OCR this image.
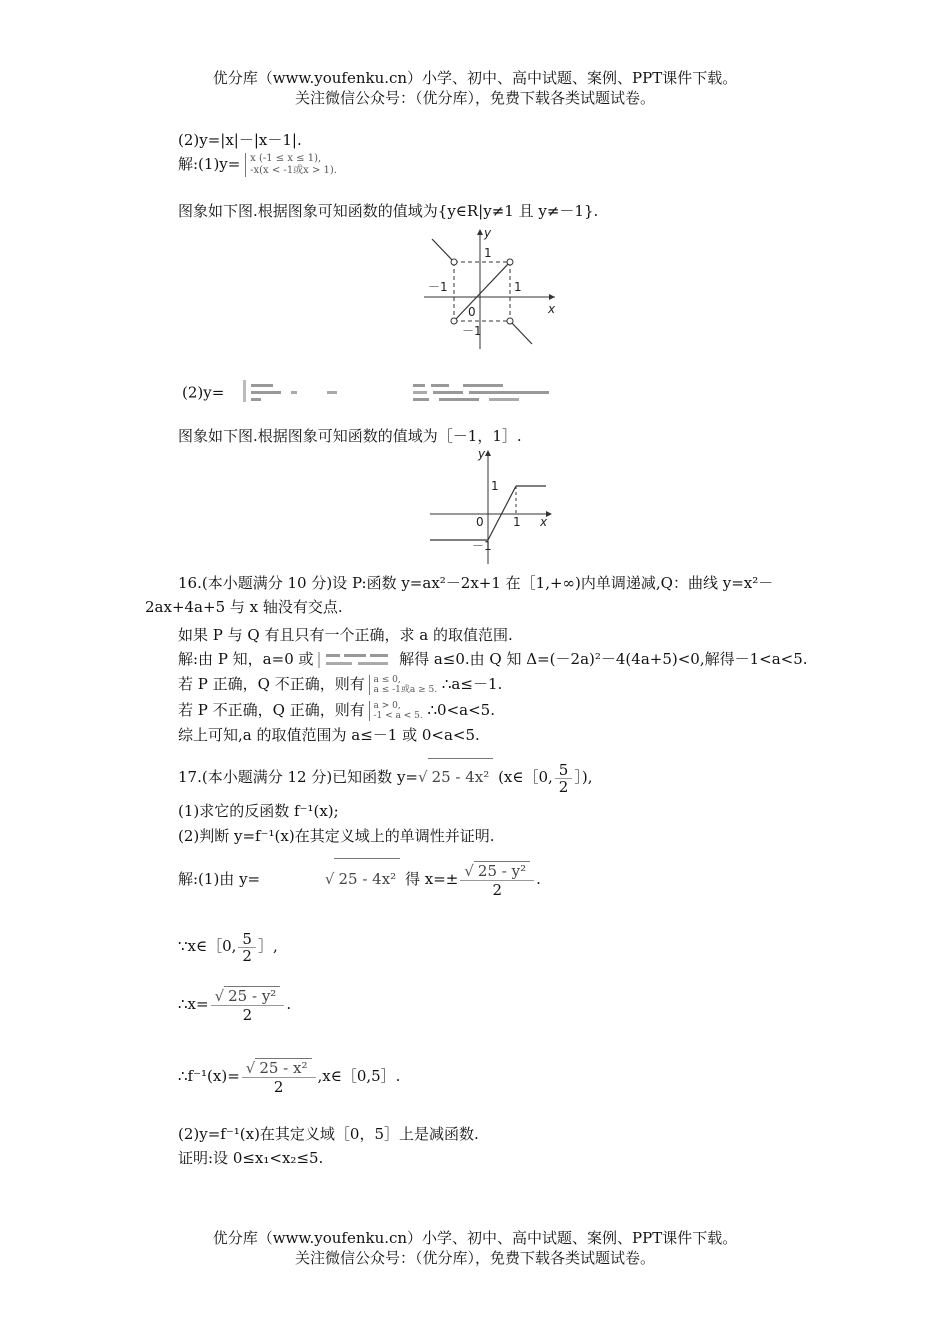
优分库（www.youfenku.cn）小学、初中、高中试题、案例、PPT课件下载。
关注微信公众号：（优分库），免费下载各类试题试卷。
(2)y=|x|－|x－1|.
解:(1)y= x (-1 ≤ x ≤ 1),
-x(x < -1或x > 1).
图象如下图.根据图象可知函数的值域为{y∈R|y≠1 且 y≠－1}.
y
x
1
－1	1
0
－1
(2)y=
图象如下图.根据图象可知函数的值域为［－1，1］.
y
x
1
0 1
－1
16.(本小题满分 10 分)设 P:函数 y=ax²－2x+1 在［1,+∞)内单调递减,Q：曲线 y=x²－
2ax+4a+5 与 x 轴没有交点.
如果 P 与 Q 有且只有一个正确，求 a 的取值范围.
解:由 P 知，a=0 或	解得 a≤0.由 Q 知 Δ=(－2a)²－4(4a+5)<0,解得－1<a<5.
若 P 正确，Q 不正确，则有 a ≤ 0,
a ≤ -1或a ≥ 5. ∴a≤－1.
若 P 不正确，Q 正确，则有 a > 0,
-1 < a < 5. ∴0<a<5.
综上可知,a 的取值范围为 a≤－1 或 0<a<5.
17.(本小题满分 12 分)已知函数 y=√ 25 - 4x² (x∈［0, $\frac{5}{2}$ ］),
(1)求它的反函数 f⁻¹(x);
(2)判断 y=f⁻¹(x)在其定义域上的单调性并证明.
解:(1)由 y=	√ 25 - 4x² 得 $x=\pm \frac{\text{√ 25 - y²}}{2}$ .
∵x∈［0, $\frac{5}{2}$ ］,
∴x= $\frac{\text{√ 25 - y²}}{2}$ .
∴f⁻¹(x)= $\frac{\text{√ 25 - x²}}{2}$ ,x∈［0,5］.
(2)y=f⁻¹(x)在其定义域［0，5］上是减函数.
证明:设 0≤x₁<x₂≤5.
优分库（www.youfenku.cn）小学、初中、高中试题、案例、PPT课件下载。
关注微信公众号：（优分库），免费下载各类试题试卷。
